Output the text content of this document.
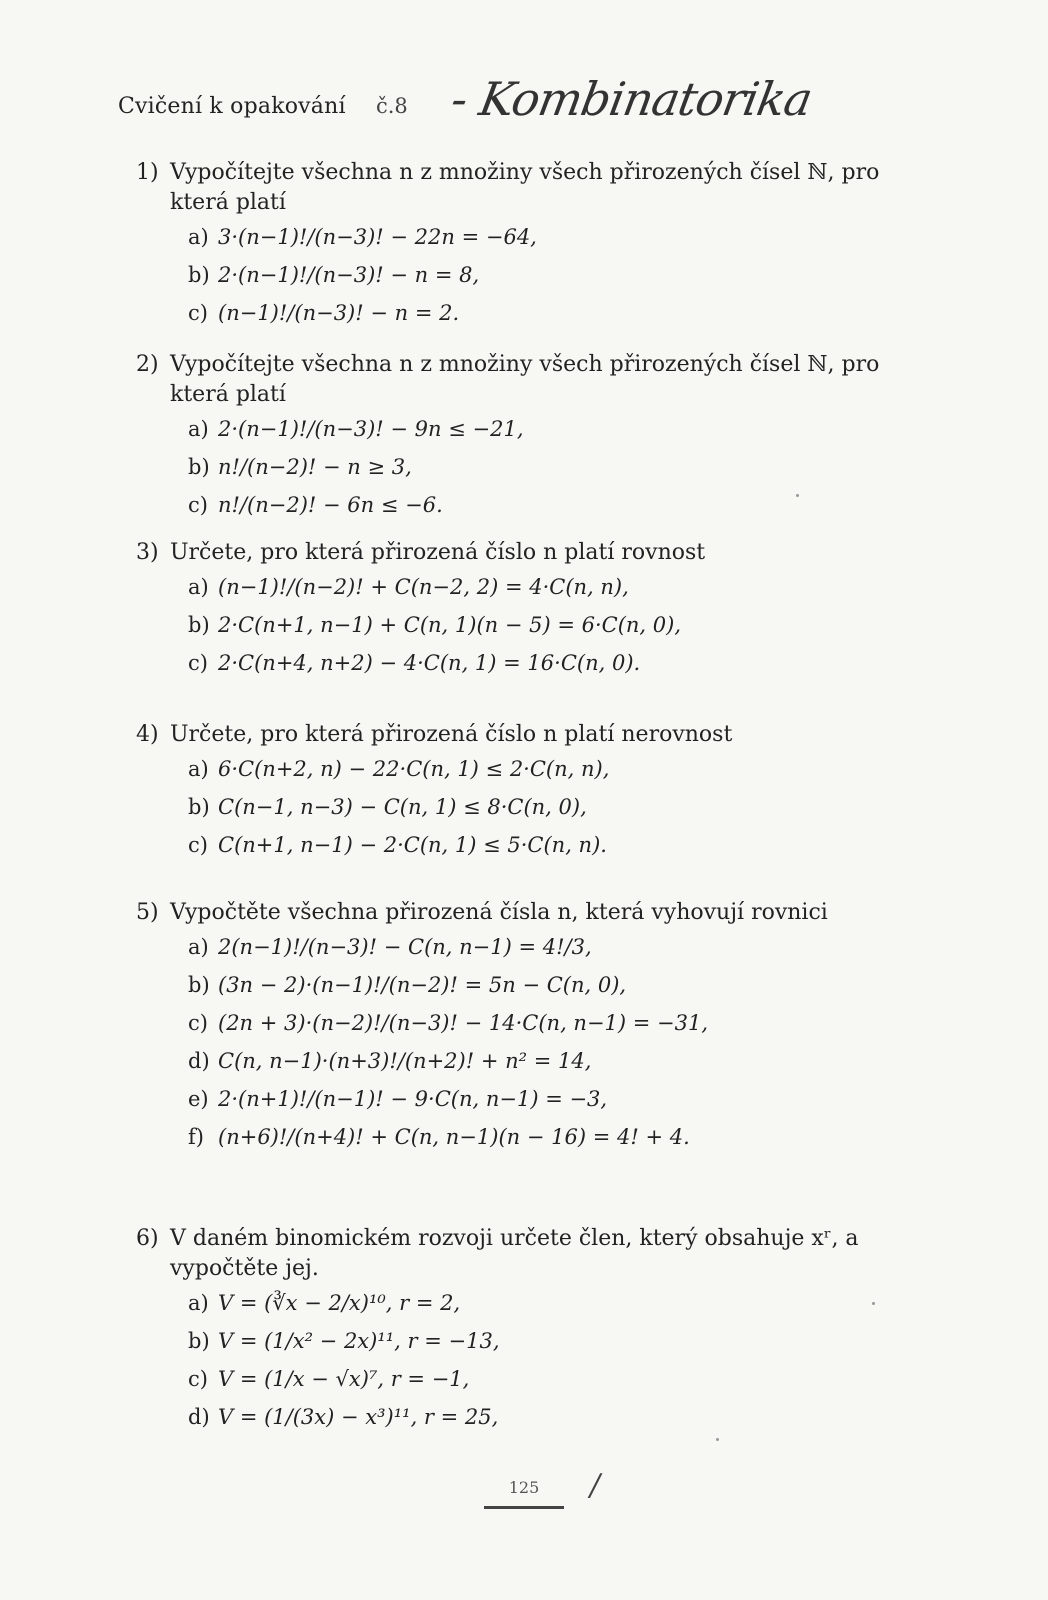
Cvičení k opakování č.8 - Kombinatorika
1) Vypočítejte všechna n z množiny všech přirozených čísel ℕ, pro která platí
a) 3·(n−1)!/(n−3)! − 22n = −64,
b) 2·(n−1)!/(n−3)! − n = 8,
c) (n−1)!/(n−3)! − n = 2.
2) Vypočítejte všechna n z množiny všech přirozených čísel ℕ, pro která platí
a) 2·(n−1)!/(n−3)! − 9n ≤ −21,
b) n!/(n−2)! − n ≥ 3,
c) n!/(n−2)! − 6n ≤ −6.
3) Určete, pro která přirozená číslo n platí rovnost
a) (n−1)!/(n−2)! + C(n−2, 2) = 4·C(n, n),
b) 2·C(n+1, n−1) + C(n, 1)(n − 5) = 6·C(n, 0),
c) 2·C(n+4, n+2) − 4·C(n, 1) = 16·C(n, 0).
4) Určete, pro která přirozená číslo n platí nerovnost
a) 6·C(n+2, n) − 22·C(n, 1) ≤ 2·C(n, n),
b) C(n−1, n−3) − C(n, 1) ≤ 8·C(n, 0),
c) C(n+1, n−1) − 2·C(n, 1) ≤ 5·C(n, n).
5) Vypočtěte všechna přirozená čísla n, která vyhovují rovnici
a) 2(n−1)!/(n−3)! − C(n, n−1) = 4!/3,
b) (3n − 2)·(n−1)!/(n−2)! = 5n − C(n, 0),
c) (2n + 3)·(n−2)!/(n−3)! − 14·C(n, n−1) = −31,
d) C(n, n−1)·(n+3)!/(n+2)! + n² = 14,
e) 2·(n+1)!/(n−1)! − 9·C(n, n−1) = −3,
f) (n+6)!/(n+4)! + C(n, n−1)(n − 16) = 4! + 4.
6) V daném binomickém rozvoji určete člen, který obsahuje xʳ, a vypočtěte jej.
a) V = (∛x − 2/x)¹⁰, r = 2,
b) V = (1/x² − 2x)¹¹, r = −13,
c) V = (1/x − √x)⁷, r = −1,
d) V = (1/(3x) − x³)¹¹, r = 25,
125	/
